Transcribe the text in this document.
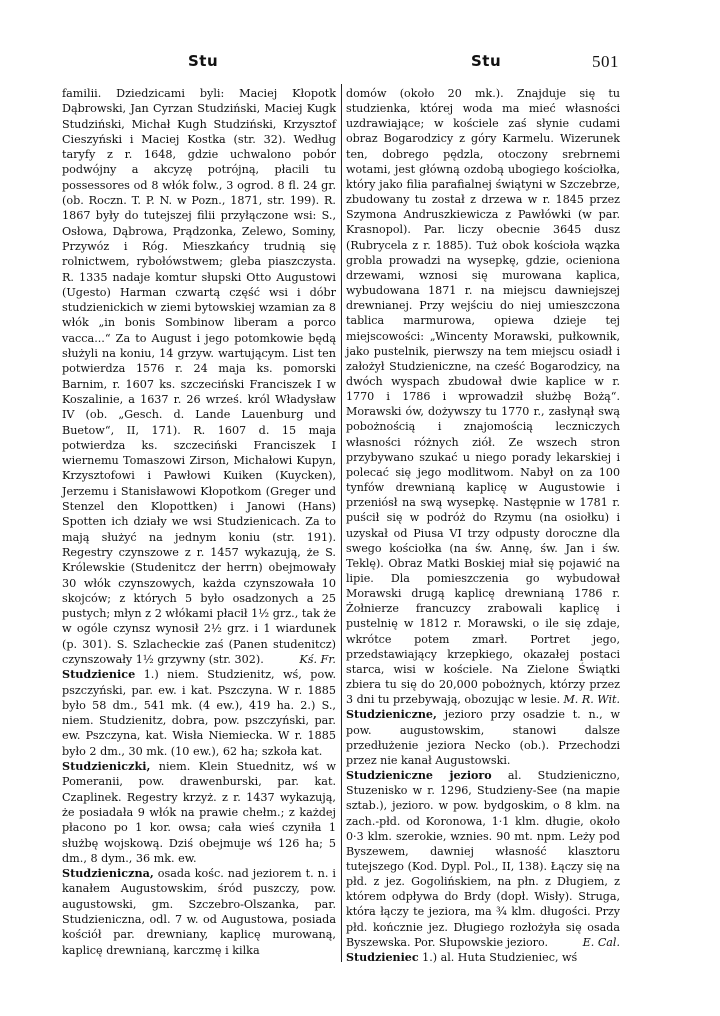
Stu	Stu	501

familii. Dziedzicami byli: Maciej Kłopotk Dąbrowski, Jan Cyrzan Studziński, Maciej Kugk Studziński, Michał Kugh Studziński, Krzysztof Cieszyński i Maciej Kostka (str. 32). Według taryfy z r. 1648, gdzie uchwalono pobór podwójny a akcyzę potrójną, płacili tu possessores od 8 włók folw., 3 ogrod. 8 fl. 24 gr. (ob. Roczn. T. P. N. w Pozn., 1871, str. 199). R. 1867 były do tutejszej filii przyłączone wsi: S., Osłowa, Dąbrowa, Prądzonka, Zelewo, Sominy, Przywóz i Róg. Mieszkańcy trudnią się rolnictwem, rybołówstwem; gleba piaszczysta. R. 1335 nadaje komtur słupski Otto Augustowi (Ugesto) Harman czwartą część wsi i dóbr studzienickich w ziemi bytowskiej wzamian za 8 włók „in bonis Sombinow liberam a porco vacca...“ Za to August i jego potomkowie będą służyli na koniu, 14 grzyw. wartującym. List ten potwierdza 1576 r. 24 maja ks. pomorski Barnim, r. 1607 ks. szczeciński Franciszek I w Koszalinie, a 1637 r. 26 wrześ. król Władysław IV (ob. „Gesch. d. Lande Lauenburg und Buetow“, II, 171). R. 1607 d. 15 maja potwierdza ks. szczeciński Franciszek I wiernemu Tomaszowi Zirson, Michałowi Kupyn, Krzysztofowi i Pawłowi Kuiken (Kuycken), Jerzemu i Stanisławowi Kłopotkom (Greger und Stenzel den Klopottken) i Janowi (Hans) Spotten ich działy we wsi Studzienicach. Za to mają służyć na jednym koniu (str. 191). Regestry czynszowe z r. 1457 wykazują, że S. Królewskie (Studenitcz der herrn) obejmowały 30 włók czynszowych, każda czynszowała 10 skojców; z których 5 było osadzonych a 25 pustych; młyn z 2 włókami płacił 1½ grz., tak że w ogóle czynsz wynosił 2½ grz. i 1 wiardunek (p. 301). S. Szlacheckie zaś (Panen studenitcz) czynszowały 1½ grzywny (str. 302).	Kś. Fr.

Studzienice 1.) niem. Studzienitz, wś, pow. pszczyński, par. ew. i kat. Pszczyna. W r. 1885 było 58 dm., 541 mk. (4 ew.), 419 ha. 2.) S., niem. Studzienitz, dobra, pow. pszczyński, par. ew. Pszczyna, kat. Wisła Niemiecka. W r. 1885 było 2 dm., 30 mk. (10 ew.), 62 ha; szkoła kat.

Studzieniczki, niem. Klein Stuednitz, wś w Pomeranii, pow. drawenburski, par. kat. Czaplinek. Regestry krzyż. z r. 1437 wykazują, że posiadała 9 włók na prawie chełm.; z każdej płacono po 1 kor. owsa; cała wieś czyniła 1 służbę wojskową. Dziś obejmuje wś 126 ha; 5 dm., 8 dym., 36 mk. ew.

Studzieniczna, osada kośc. nad jeziorem t. n. i kanałem Augustowskim, śród puszczy, pow. augustowski, gm. Szczebro-Olszanka, par. Studzieniczna, odl. 7 w. od Augustowa, posiada kościół par. drewniany, kaplicę murowaną, kaplicę drewnianą, karczmę i kilka

domów (około 20 mk.). Znajduje się tu studzienka, której woda ma mieć własności uzdrawiające; w kościele zaś słynie cudami obraz Bogarodzicy z góry Karmelu. Wizerunek ten, dobrego pędzla, otoczony srebrnemi wotami, jest główną ozdobą ubogiego kościołka, który jako filia parafialnej świątyni w Szczebrze, zbudowany tu został z drzewa w r. 1845 przez Szymona Andruszkiewicza z Pawłówki (w par. Krasnopol). Par. liczy obecnie 3645 dusz (Rubrycela z r. 1885). Tuż obok kościoła wązka grobla prowadzi na wysepkę, gdzie, ocieniona drzewami, wznosi się murowana kaplica, wybudowana 1871 r. na miejscu dawniejszej drewnianej. Przy wejściu do niej umieszczona tablica marmurowa, opiewa dzieje tej miejscowości: „Wincenty Morawski, pułkownik, jako pustelnik, pierwszy na tem miejscu osiadł i założył Studzieniczne, na cześć Bogarodzicy, na dwóch wyspach zbudował dwie kaplice w r. 1770 i 1786 i wprowadził służbę Bożą“. Morawski ów, dożywszy tu 1770 r., zasłynął swą pobożnością i znajomością leczniczych własności różnych ziół. Ze wszech stron przybywano szukać u niego porady lekarskiej i polecać się jego modlitwom. Nabył on za 100 tynfów drewnianą kaplicę w Augustowie i przeniósł na swą wysepkę. Następnie w 1781 r. puścił się w podróż do Rzymu (na osiołku) i uzyskał od Piusa VI trzy odpusty doroczne dla swego kościołka (na św. Annę, św. Jan i św. Teklę). Obraz Matki Boskiej miał się pojawić na lipie. Dla pomieszczenia go wybudował Morawski drugą kaplicę drewnianą 1786 r. Żołnierze francuzcy zrabowali kaplicę i pustelnię w 1812 r. Morawski, o ile się zdaje, wkrótce potem zmarł. Portret jego, przedstawiający krzepkiego, okazałej postaci starca, wisi w kościele. Na Zielone Świątki zbiera tu się do 20,000 pobożnych, którzy przez 3 dni tu przebywają, obozując w lesie. M. R. Wit.

Studzieniczne, jezioro przy osadzie t. n., w pow. augustowskim, stanowi dalsze przedłużenie jeziora Necko (ob.). Przechodzi przez nie kanał Augustowski.

Studzieniczne jezioro al. Studzieniczno, Stuzenisko w r. 1296, Studzieny-See (na mapie sztab.), jezioro. w pow. bydgoskim, o 8 klm. na zach.-płd. od Koronowa, 1·1 klm. długie, około 0·3 klm. szerokie, wznies. 90 mt. npm. Leży pod Byszewem, dawniej własność klasztoru tutejszego (Kod. Dypl. Pol., II, 138). Łączy się na płd. z jez. Gogolińskiem, na płn. z Długiem, z którem odpływa do Brdy (dopł. Wisły). Struga, która łączy te jeziora, ma ¾ klm. długości. Przy płd. kończnie jez. Długiego rozłożyła się osada Byszewska. Por. Słupowskie jezioro.	E. Cal.

Studzieniec 1.) al. Huta Studzieniec, wś
